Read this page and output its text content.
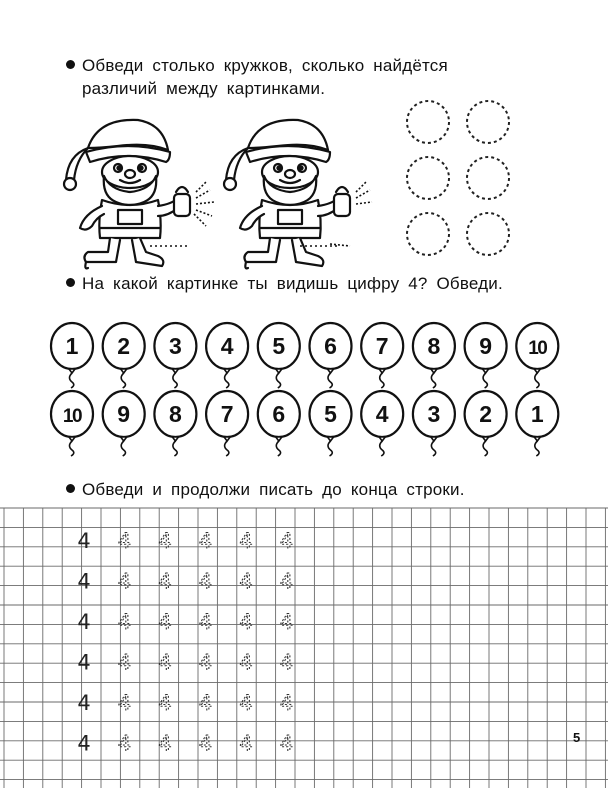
Обведи столько кружков, сколько найдётся
различий между картинками.
На какой картинке ты видишь цифру 4? Обведи.
1 2 3 4 5 6 7 8 9 10
10 9 8 7 6 5 4 3 2 1
Обведи и продолжи писать до конца строки.
4 4 4 4 4 4
4 4 4 4 4 4
4 4 4 4 4 4
4 4 4 4 4 4
4 4 4 4 4 4
4 4 4 4 4 4	5
